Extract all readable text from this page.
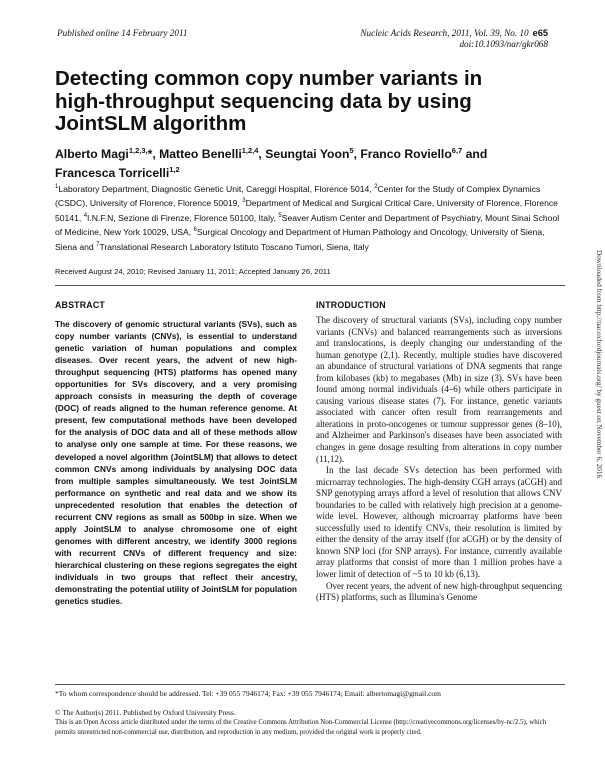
Published online 14 February 2011	Nucleic Acids Research, 2011, Vol. 39, No. 10 e65
doi:10.1093/nar/gkr068
Detecting common copy number variants in high-throughput sequencing data by using JointSLM algorithm

Alberto Magi$^{1,2,3,}$*, Matteo Benelli$^{1,2,4}$, Seungtai Yoon$^5$, Franco Roviello$^{6,7}$ and Francesca Torricelli$^{1,2}$

$^1$Laboratory Department, Diagnostic Genetic Unit, Careggi Hospital, Florence 5014, $^2$Center for the Study of Complex Dynamics (CSDC), University of Florence, Florence 50019, $^3$Department of Medical and Surgical Critical Care, University of Florence, Florence 50141, $^4$I.N.F.N, Sezione di Firenze, Florence 50100, Italy, $^5$Seaver Autism Center and Department of Psychiatry, Mount Sinai School of Medicine, New York 10029, USA, $^6$Surgical Oncology and Department of Human Pathology and Oncology, University of Siena, Siena and $^7$Translational Research Laboratory Istituto Toscano Tumori, Siena, Italy

Received August 24, 2010; Revised January 11, 2011; Accepted January 26, 2011
ABSTRACT

The discovery of genomic structural variants (SVs), such as copy number variants (CNVs), is essential to understand genetic variation of human populations and complex diseases. Over recent years, the advent of new high-throughput sequencing (HTS) platforms has opened many opportunities for SVs discovery, and a very promising approach consists in measuring the depth of coverage (DOC) of reads aligned to the human reference genome. At present, few computational methods have been developed for the analysis of DOC data and all of these methods allow to analyse only one sample at time. For these reasons, we developed a novel algorithm (JointSLM) that allows to detect common CNVs among individuals by analysing DOC data from multiple samples simultaneously. We test JointSLM performance on synthetic and real data and we show its unprecedented resolution that enables the detection of recurrent CNV regions as small as 500bp in size. When we apply JointSLM to analyse chromosome one of eight genomes with different ancestry, we identify 3000 regions with recurrent CNVs of different frequency and size: hierarchical clustering on these regions segregates the eight individuals in two groups that reflect their ancestry, demonstrating the potential utility of JointSLM for population genetics studies.

INTRODUCTION

The discovery of structural variants (SVs), including copy number variants (CNVs) and balanced rearrangements such as inversions and translocations, is deeply changing our understanding of the human genotype (2,1). Recently, multiple studies have discovered an abundance of structural variations of DNA segments that range from kilobases (kb) to megabases (Mb) in size (3). SVs have been found among normal individuals (4–6) while others participate in causing various disease states (7). For instance, genetic variants associated with cancer often result from rearrangements and alterations in proto-oncogenes or tumour suppressor genes (8–10), and Alzheimer and Parkinson's diseases have been associated with changes in gene dosage resulting from alterations in copy number (11,12).

In the last decade SVs detection has been performed with microarray technologies. The high-density CGH arrays (aCGH) and SNP genotyping arrays afford a level of resolution that allows CNV boundaries to be called with relatively high precision at a genome-wide level. However, although microarray platforms have been successfully used to identify CNVs, their resolution is limited by either the density of the array itself (for aCGH) or by the density of known SNP loci (for SNP arrays). For instance, currently available array platforms that consist of more than 1 million probes have a lower limit of detection of ~5 to 10 kb (6,13).

Over recent years, the advent of new high-throughput sequencing (HTS) platforms, such as Illumina's Genome

Downloaded from http://nar.oxfordjournals.org/ by guest on November 6, 2016
*To whom correspondence should be addressed. Tel: +39 055 7946174; Fax: +39 055 7946174; Email: albertomagi@gmail.com
© The Author(s) 2011. Published by Oxford University Press.

This is an Open Access article distributed under the terms of the Creative Commons Attribution Non-Commercial License (http://creativecommons.org/licenses/by-nc/2.5), which permits unrestricted non-commercial use, distribution, and reproduction in any medium, provided the original work is properly cited.
